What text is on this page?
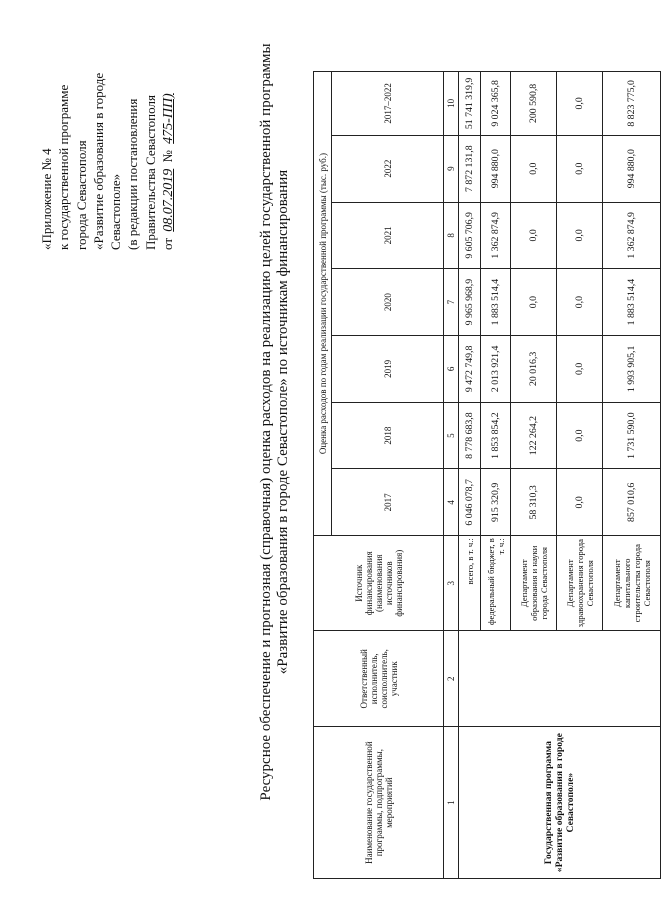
«Приложение № 4 к государственной программе города Севастополя «Развитие образования в городе Севастополе» (в редакции постановления Правительства Севастополя от 08.07.2019 № 475-ПП)	Ресурсное обеспечение и прогнозная (справочная) оценка расходов на реализацию целей государственной программы «Развитие образования в городе Севастополе» по источникам финансирования
Наименование государственной программы, подпрограммы, мероприятий	Ответственный исполнитель, соисполнитель, участник	Источник финансирования (наименования источников финансирования)	Оценка расходов по годам реализации государственной программы (тыс. руб.)						
			2017	2018	2019	2020	2021	2022	2017–2022
1	2	3	4	5	6	7	8	9	10
Государственная программа «Развитие образования в городе Севастополе»		всего, в т. ч.:	6 046 078,7	8 778 683,8	9 472 749,8	9 965 968,9	9 605 706,9	7 872 131,8	51 741 319,9
		федеральный бюджет, в т. ч.:	915 320,9	1 853 854,2	2 013 921,4	1 883 514,4	1 362 874,9	994 880,0	9 024 365,8
		Департамент образования и науки города Севастополя	58 310,3	122 264,2	20 016,3	0,0	0,0	0,0	200 590,8
		Департамент здравоохранения города Севастополя	0,0	0,0	0,0	0,0	0,0	0,0	0,0
		Департамент капитального строительства города Севастополя	857 010,6	1 731 590,0	1 993 905,1	1 883 514,4	1 362 874,9	994 880,0	8 823 775,0
